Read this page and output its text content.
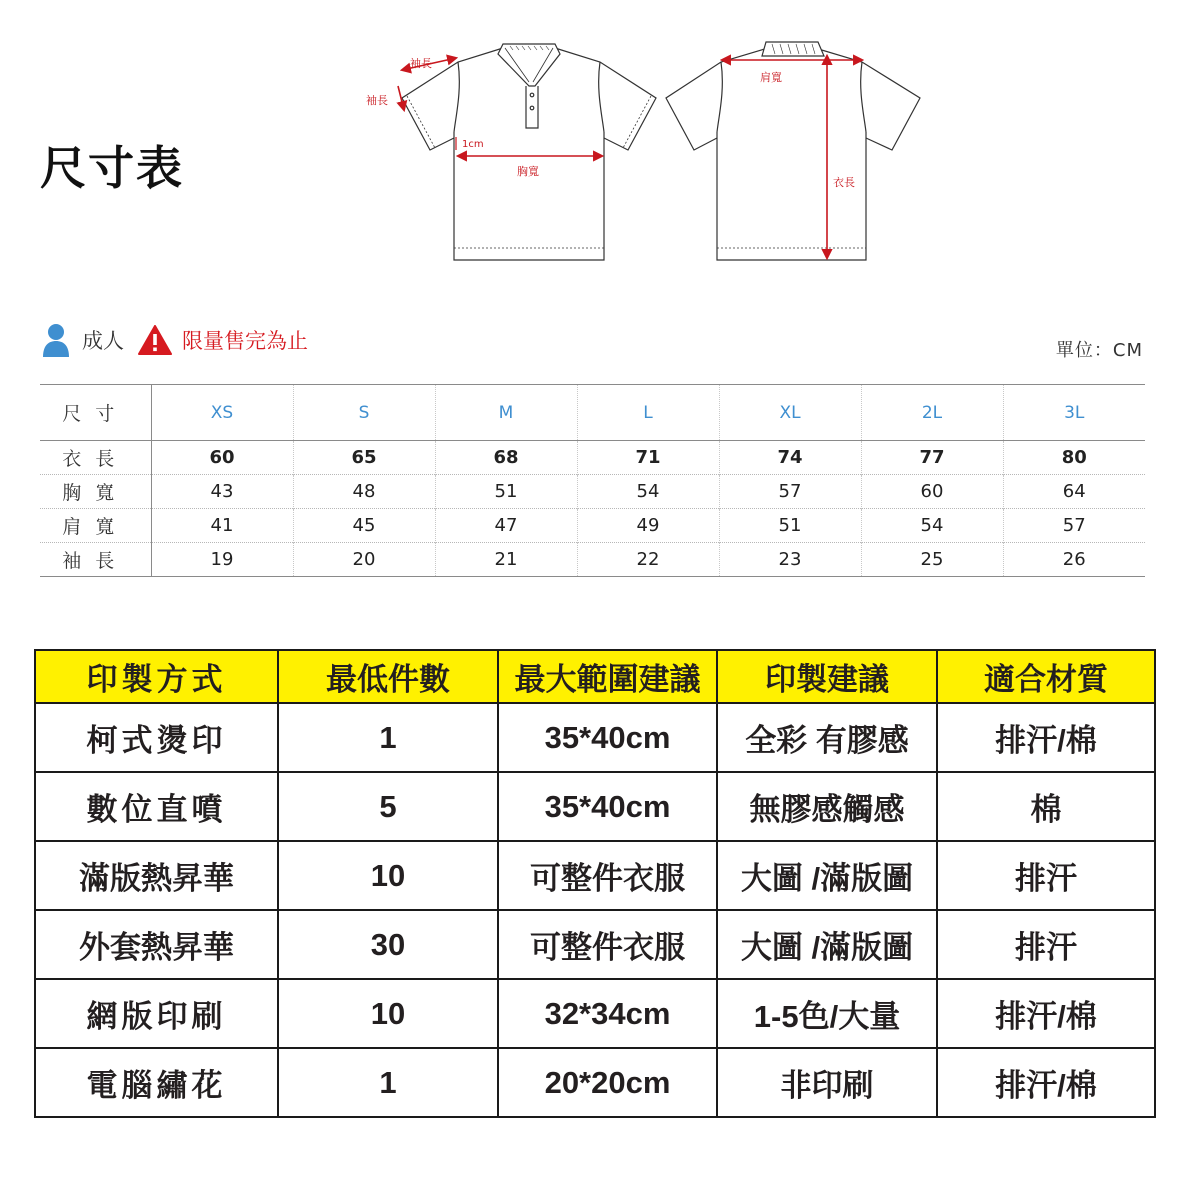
尺寸表
袖長
袖長
1cm
胸寬
肩寬
衣長
成人	限量售完為止	單位：CM
尺寸	XS	S	M	L	XL	2L	3L
衣長	60	65	68	71	74	77	80
胸寬	43	48	51	54	57	60	64
肩寬	41	45	47	49	51	54	57
袖長	19	20	21	22	23	25	26
印製方式	最低件數	最大範圍建議	印製建議	適合材質
柯式燙印	1	35*40cm	全彩 有膠感	排汗/棉
數位直噴	5	35*40cm	無膠感觸感	棉
滿版熱昇華	10	可整件衣服	大圖 /滿版圖	排汗
外套熱昇華	30	可整件衣服	大圖 /滿版圖	排汗
網版印刷	10	32*34cm	1-5色/大量	排汗/棉
電腦繡花	1	20*20cm	非印刷	排汗/棉
